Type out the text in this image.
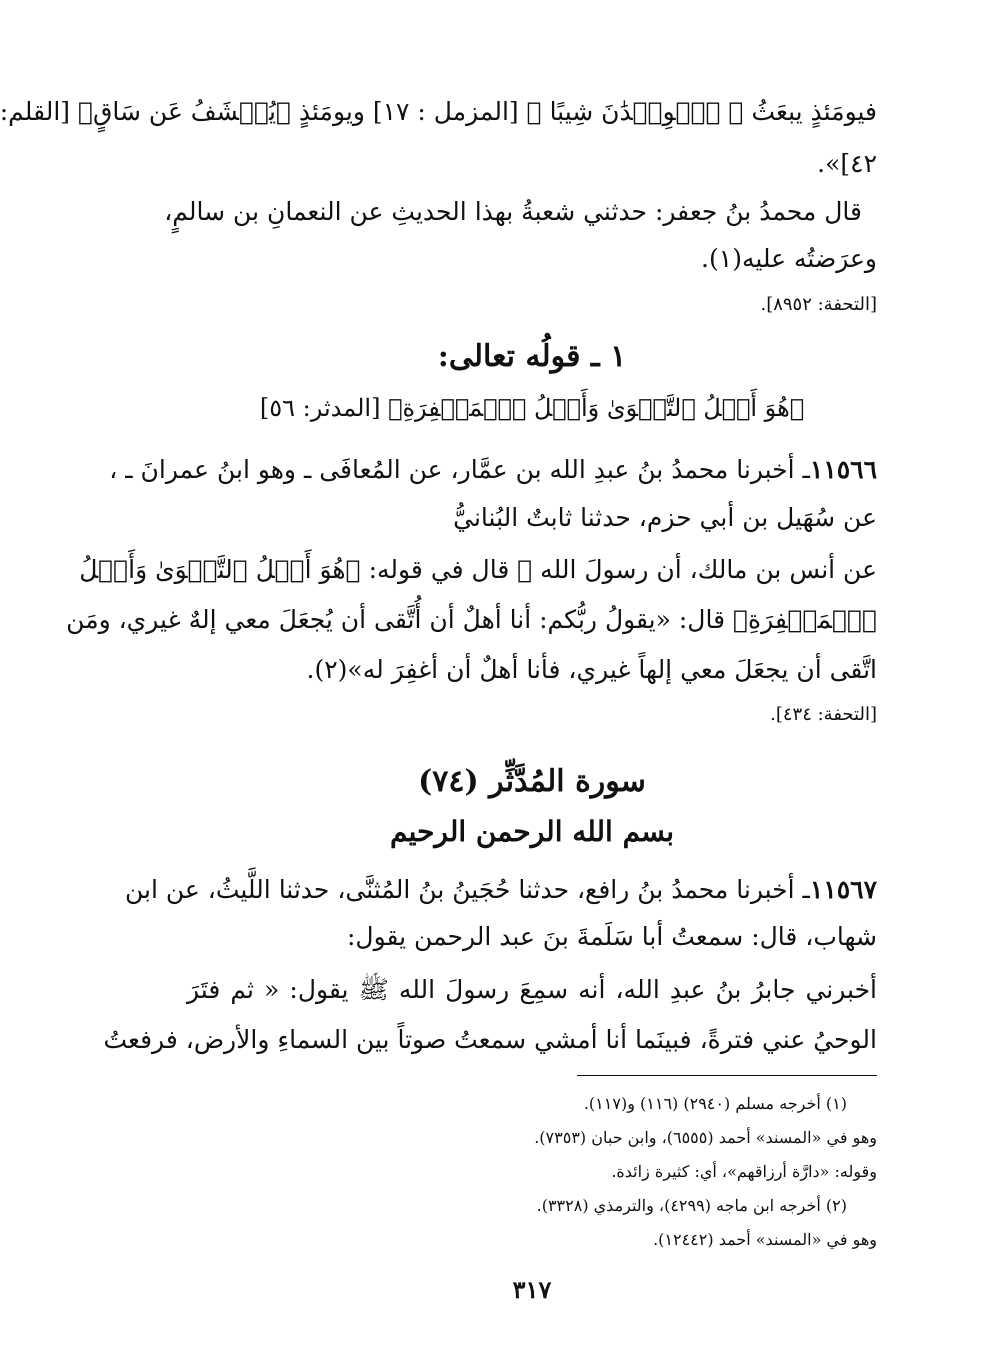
فيومَئذٍ يبعَثُ ﴿ ٱلۡوِلۡدَٰنَ شِيبًا ﴾ [المزمل : ١٧] ويومَئذٍ ﴿يُكۡشَفُ عَن سَاقٍ﴾ [القلم:
٤٢]».
قال محمدُ بنُ جعفر: حدثني شعبةُ بهذا الحديثِ عن النعمانِ بن سالمٍ،
وعرَضتُه عليه(١).
[التحفة: ٨٩٥٢].
١ ـ قولُه تعالى:
﴿هُوَ أَهۡلُ ٱلتَّقۡوَىٰ وَأَهۡلُ ٱلۡمَغۡفِرَةِ﴾ [المدثر: ٥٦]
١١٥٦٦ـ أخبرنا محمدُ بنُ عبدِ الله بن عمَّار، عن المُعافَى ـ وهو ابنُ عمرانَ ـ ،
عن سُهَيل بن أبي حزم، حدثنا ثابتٌ البُنانيُّ
عن أنس بن مالك، أن رسولَ الله ﷺ قال في قوله: ﴿هُوَ أَهۡلُ ٱلتَّقۡوَىٰ وَأَهۡلُ
ٱلۡمَغۡفِرَةِ﴾ قال: «يقولُ ربُّكم: أنا أهلٌ أن أُتَّقى أن يُجعَلَ معي إلهٌ غيري، ومَن
اتَّقى أن يجعَلَ معي إلهاً غيري، فأنا أهلٌ أن أغفِرَ له»(٢).
[التحفة: ٤٣٤].
سورة المُدَّثِّر (٧٤)
بسم الله الرحمن الرحيم
١١٥٦٧ـ أخبرنا محمدُ بنُ رافع، حدثنا حُجَينُ بنُ المُثنَّى، حدثنا اللَّيثُ، عن ابن
شهاب، قال: سمعتُ أبا سَلَمةَ بنَ عبد الرحمن يقول:
أخبرني جابرُ بنُ عبدِ الله، أنه سمِعَ رسولَ الله ﷺ يقول: « ثم فتَرَ
الوحيُ عني فترةً، فبينَما أنا أمشي سمعتُ صوتاً بين السماءِ والأرض، فرفعتُ
(١) أخرجه مسلم (٢٩٤٠) (١١٦) و(١١٧).
وهو في «المسند» أحمد (٦٥٥٥)، وابن حبان (٧٣٥٣).
وقوله: «دارَّة أرزاقهم»، أي: كثيرة زائدة.
(٢) أخرجه ابن ماجه (٤٢٩٩)، والترمذي (٣٣٢٨).
وهو في «المسند» أحمد (١٢٤٤٢).
٣١٧
